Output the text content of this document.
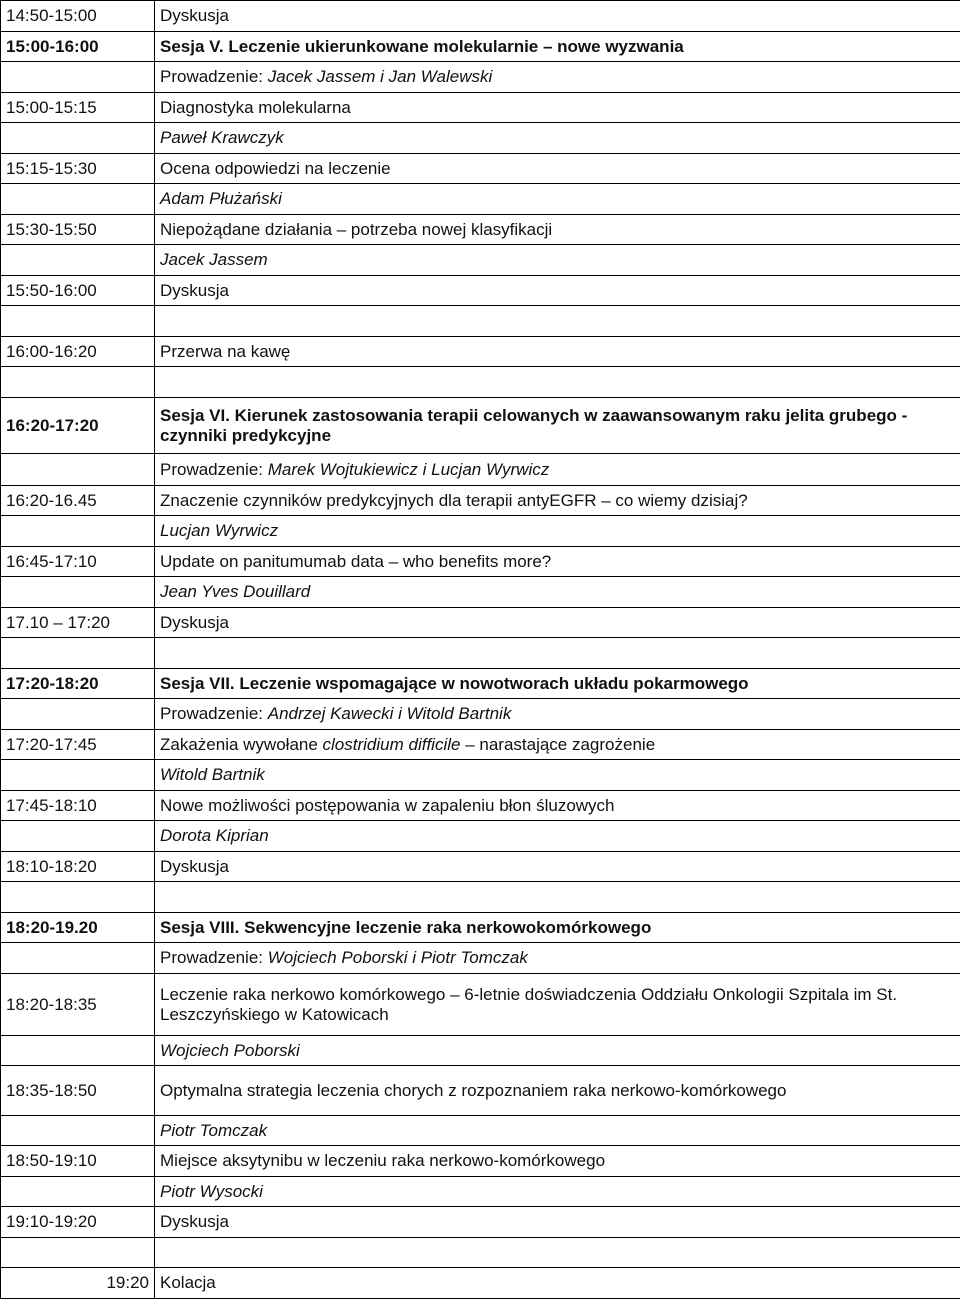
14:50-15:00	Dyskusja
15:00-16:00	Sesja V. Leczenie ukierunkowane molekularnie – nowe wyzwania
	Prowadzenie: Jacek Jassem i Jan Walewski
15:00-15:15	Diagnostyka molekularna
	Paweł Krawczyk
15:15-15:30	Ocena odpowiedzi na leczenie
	Adam Płużański
15:30-15:50	Niepożądane działania – potrzeba nowej klasyfikacji
	Jacek Jassem
15:50-16:00	Dyskusja

16:00-16:20	Przerwa na kawę

16:20-17:20	Sesja VI. Kierunek zastosowania terapii celowanych w zaawansowanym raku jelita grubego - czynniki predykcyjne
	Prowadzenie: Marek Wojtukiewicz i Lucjan Wyrwicz
16:20-16.45	Znaczenie czynników predykcyjnych dla terapii antyEGFR – co wiemy dzisiaj?
	Lucjan Wyrwicz
16:45-17:10	Update on panitumumab data – who benefits more?
	Jean Yves Douillard
17.10 – 17:20	Dyskusja

17:20-18:20	Sesja VII. Leczenie wspomagające w nowotworach układu pokarmowego
	Prowadzenie: Andrzej Kawecki i Witold Bartnik
17:20-17:45	Zakażenia wywołane clostridium difficile – narastające zagrożenie
	Witold Bartnik
17:45-18:10	Nowe możliwości postępowania w zapaleniu błon śluzowych
	Dorota Kiprian
18:10-18:20	Dyskusja

18:20-19.20	Sesja VIII. Sekwencyjne leczenie raka nerkowokomórkowego
	Prowadzenie: Wojciech Poborski i Piotr Tomczak
18:20-18:35	Leczenie raka nerkowo komórkowego – 6-letnie doświadczenia Oddziału Onkologii Szpitala im St. Leszczyńskiego w Katowicach
	Wojciech Poborski
18:35-18:50	Optymalna strategia leczenia chorych z rozpoznaniem raka nerkowo-komórkowego
	Piotr Tomczak
18:50-19:10	Miejsce aksytynibu w leczeniu raka nerkowo-komórkowego
	Piotr Wysocki
19:10-19:20	Dyskusja

19:20	Kolacja
